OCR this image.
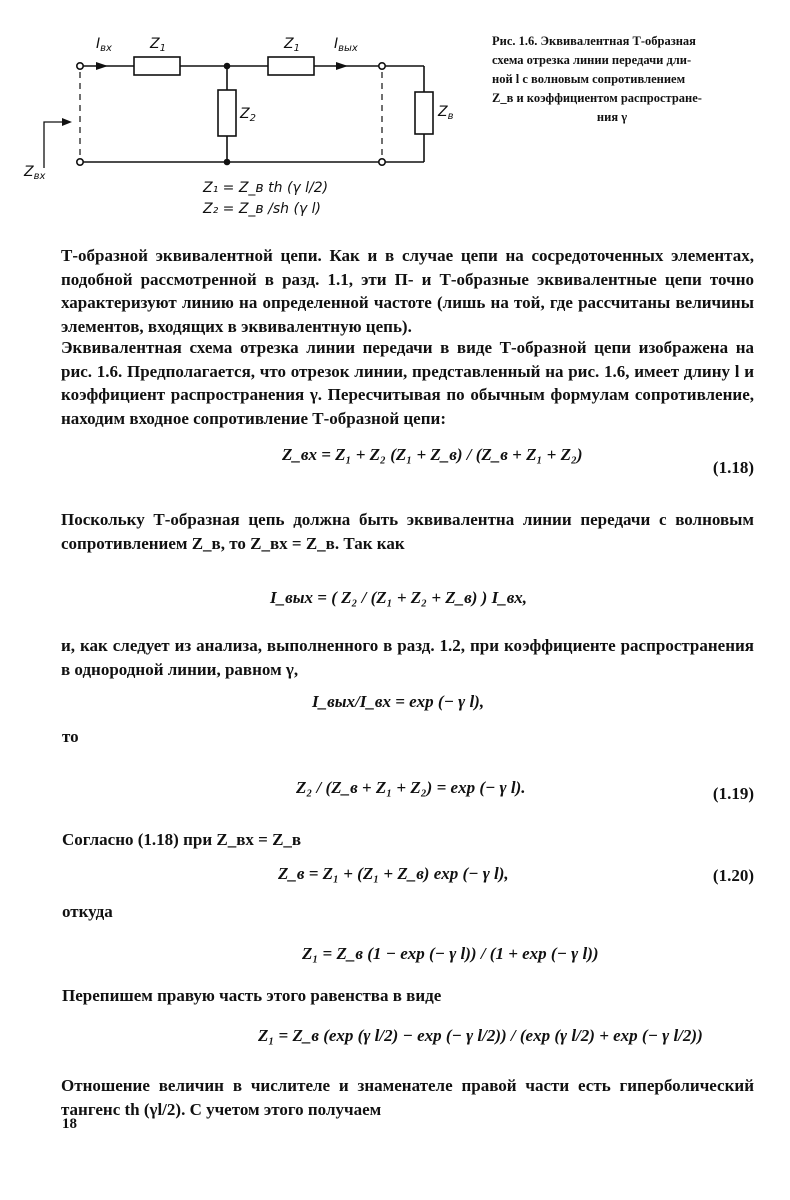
$I_{вх}$	$Z_1$	$Z_1$ $I_{вых}$
$Z_2$	$Z_в$
$Z_{вх}$
Z₁ = Z_в th (γ l/2)
Z₂ = Z_в /sh (γ l)
Рис. 1.6. Эквивалентная Т-образная
схема отрезка линии передачи дли-
ной l с волновым сопротивлением
Z_в и коэффициентом распростране-

ния γ

Т-образной эквивалентной цепи. Как и в случае цепи на сосредоточенных элементах, подобной рассмотренной в разд. 1.1, эти П- и Т-образные эквивалентные цепи точно характеризуют линию на определенной частоте (лишь на той, где рассчитаны величины элементов, входящих в эквивалентную цепь).

Эквивалентная схема отрезка линии передачи в виде Т-образной цепи изображена на рис. 1.6. Предполагается, что отрезок линии, представленный на рис. 1.6, имеет длину l и коэффициент распространения γ. Пересчитывая по обычным формулам сопротивление, находим входное сопротивление Т-образной цепи:

Z_вх = Z₁ + Z₂ (Z₁ + Z_в) / (Z_в + Z₁ + Z₂)
(1.18)

Поскольку Т-образная цепь должна быть эквивалентна линии передачи с волновым сопротивлением Z_в, то Z_вх = Z_в. Так как

I_вых = ( Z₂ / (Z₁ + Z₂ + Z_в) ) I_вх,

и, как следует из анализа, выполненного в разд. 1.2, при коэффициенте распространения в однородной линии, равном γ,

I_вых/I_вх = exp (− γ l),
то
Z₂ / (Z_в + Z₁ + Z₂) = exp (− γ l).	(1.19)
Согласно (1.18) при Z_вх = Z_в
Z_в = Z₁ + (Z₁ + Z_в) exp (− γ l),	(1.20)
откуда
Z₁ = Z_в (1 − exp (− γ l)) / (1 + exp (− γ l))
Перепишем правую часть этого равенства в виде
Z₁ = Z_в (exp (γ l/2) − exp (− γ l/2)) / (exp (γ l/2) + exp (− γ l/2))

Отношение величин в числителе и знаменателе правой части есть гиперболический тангенс th (γl/2). С учетом этого получаем

18
